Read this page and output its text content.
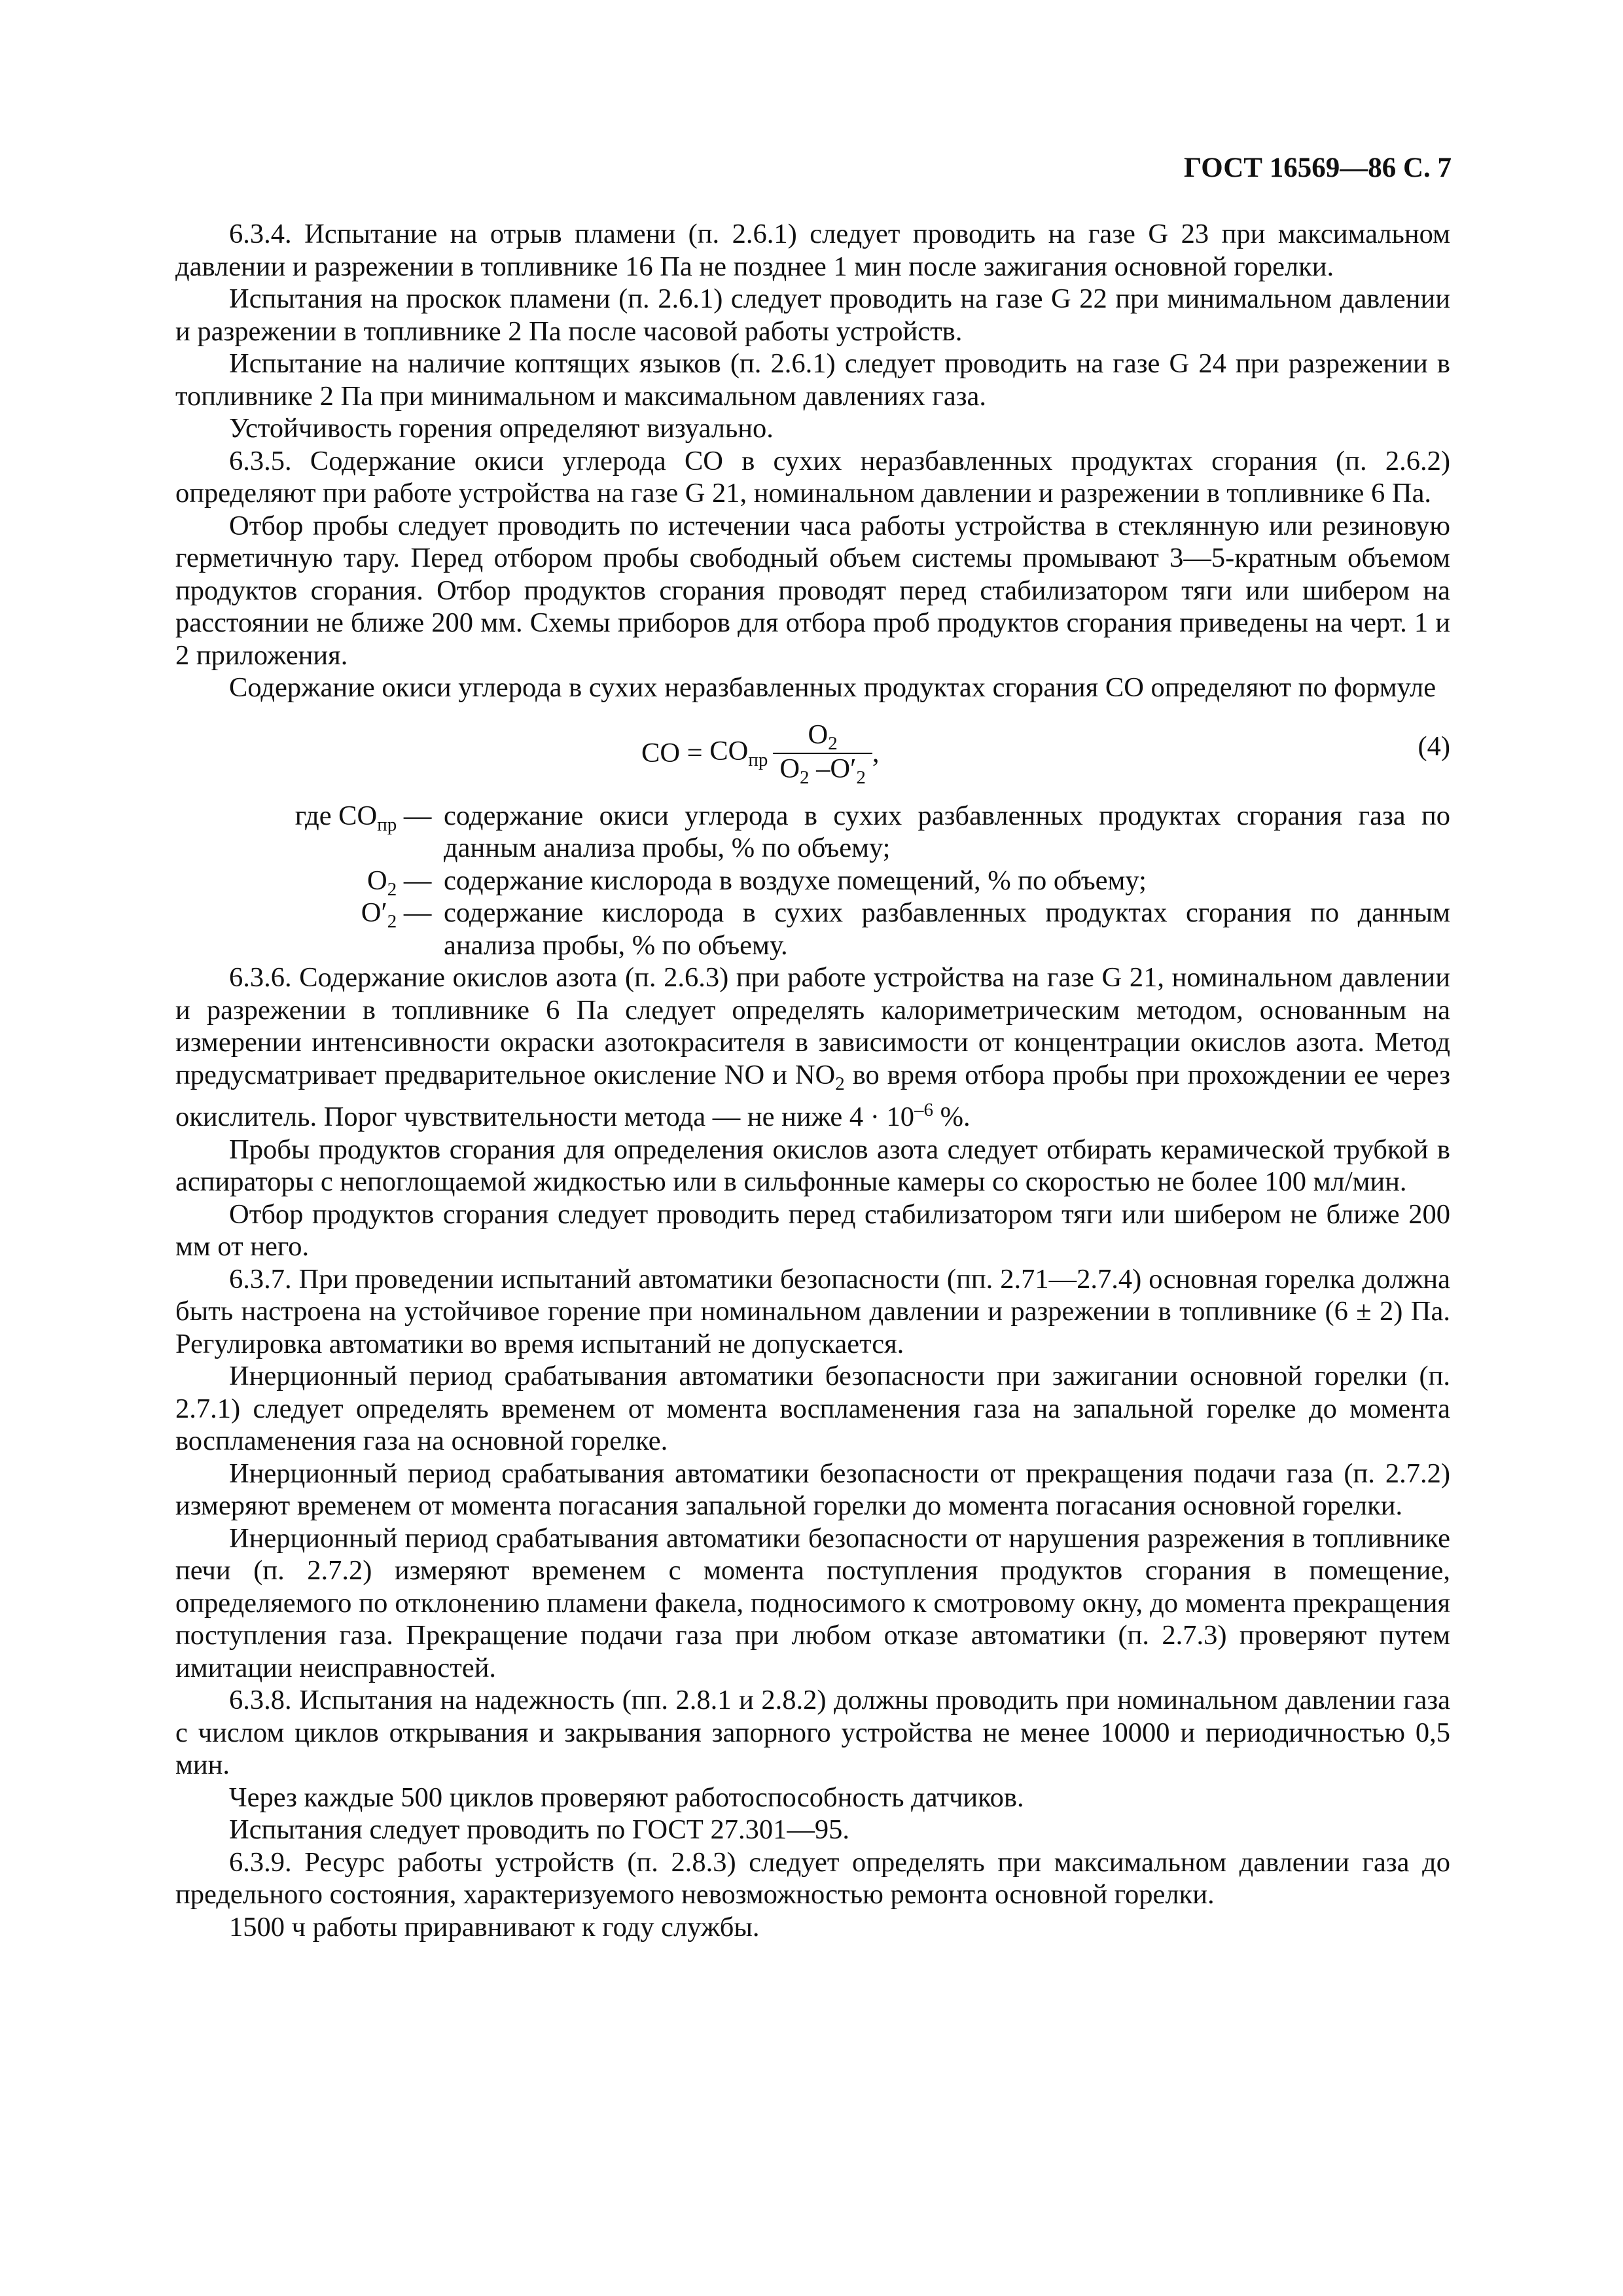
ГОСТ 16569—86 С. 7

6.3.4. Испытание на отрыв пламени (п. 2.6.1) следует проводить на газе G 23 при максимальном давлении и разрежении в топливнике 16 Па не позднее 1 мин после зажигания основной горелки.

Испытания на проскок пламени (п. 2.6.1) следует проводить на газе G 22 при минимальном давлении и разрежении в топливнике 2 Па после часовой работы устройств.

Испытание на наличие коптящих языков (п. 2.6.1) следует проводить на газе G 24 при разрежении в топливнике 2 Па при минимальном и максимальном давлениях газа.

Устойчивость горения определяют визуально.

6.3.5. Содержание окиси углерода СО в сухих неразбавленных продуктах сгорания (п. 2.6.2) определяют при работе устройства на газе G 21, номинальном давлении и разрежении в топливнике 6 Па.

Отбор пробы следует проводить по истечении часа работы устройства в стеклянную или резиновую герметичную тару. Перед отбором пробы свободный объем системы промывают 3—5-кратным объемом продуктов сгорания. Отбор продуктов сгорания проводят перед стабилизатором тяги или шибером на расстоянии не ближе 200 мм. Схемы приборов для отбора проб продуктов сгорания приведены на черт. 1 и 2 приложения.

Содержание окиси углерода в сухих неразбавленных продуктах сгорания СО определяют по формуле

CO = $CO_{пр} \frac{O_2}{O_2 -O'_2}$ ,	(4)
где $СО_{пр}$ — содержание окиси углерода в сухих разбавленных продуктах сгорания газа по данным анализа пробы, % по объему;
$О_2$ — содержание кислорода в воздухе помещений, % по объему;
$О'_2$ — содержание кислорода в сухих разбавленных продуктах сгорания по данным анализа пробы, % по объему.

6.3.6. Содержание окислов азота (п. 2.6.3) при работе устройства на газе G 21, номинальном давлении и разрежении в топливнике 6 Па следует определять калориметрическим методом, основанным на измерении интенсивности окраски азотокрасителя в зависимости от концентрации окислов азота. Метод предусматривает предварительное окисление NO и $NO_2$ во время отбора пробы при прохождении ее через окислитель. Порог чувствительности метода — не ниже $4 \cdot 10^{-6}$ %.

Пробы продуктов сгорания для определения окислов азота следует отбирать керамической трубкой в аспираторы с непоглощаемой жидкостью или в сильфонные камеры со скоростью не более 100 мл/мин.

Отбор продуктов сгорания следует проводить перед стабилизатором тяги или шибером не ближе 200 мм от него.

6.3.7. При проведении испытаний автоматики безопасности (пп. 2.71—2.7.4) основная горелка должна быть настроена на устойчивое горение при номинальном давлении и разрежении в топливнике (6 ± 2) Па. Регулировка автоматики во время испытаний не допускается.

Инерционный период срабатывания автоматики безопасности при зажигании основной горелки (п. 2.7.1) следует определять временем от момента воспламенения газа на запальной горелке до момента воспламенения газа на основной горелке.

Инерционный период срабатывания автоматики безопасности от прекращения подачи газа (п. 2.7.2) измеряют временем от момента погасания запальной горелки до момента погасания основной горелки.

Инерционный период срабатывания автоматики безопасности от нарушения разрежения в топливнике печи (п. 2.7.2) измеряют временем с момента поступления продуктов сгорания в помещение, определяемого по отклонению пламени факела, подносимого к смотровому окну, до момента прекращения поступления газа. Прекращение подачи газа при любом отказе автоматики (п. 2.7.3) проверяют путем имитации неисправностей.

6.3.8. Испытания на надежность (пп. 2.8.1 и 2.8.2) должны проводить при номинальном давлении газа с числом циклов открывания и закрывания запорного устройства не менее 10000 и периодичностью 0,5 мин.

Через каждые 500 циклов проверяют работоспособность датчиков.

Испытания следует проводить по ГОСТ 27.301—95.

6.3.9. Ресурс работы устройств (п. 2.8.3) следует определять при максимальном давлении газа до предельного состояния, характеризуемого невозможностью ремонта основной горелки.

1500 ч работы приравнивают к году службы.
